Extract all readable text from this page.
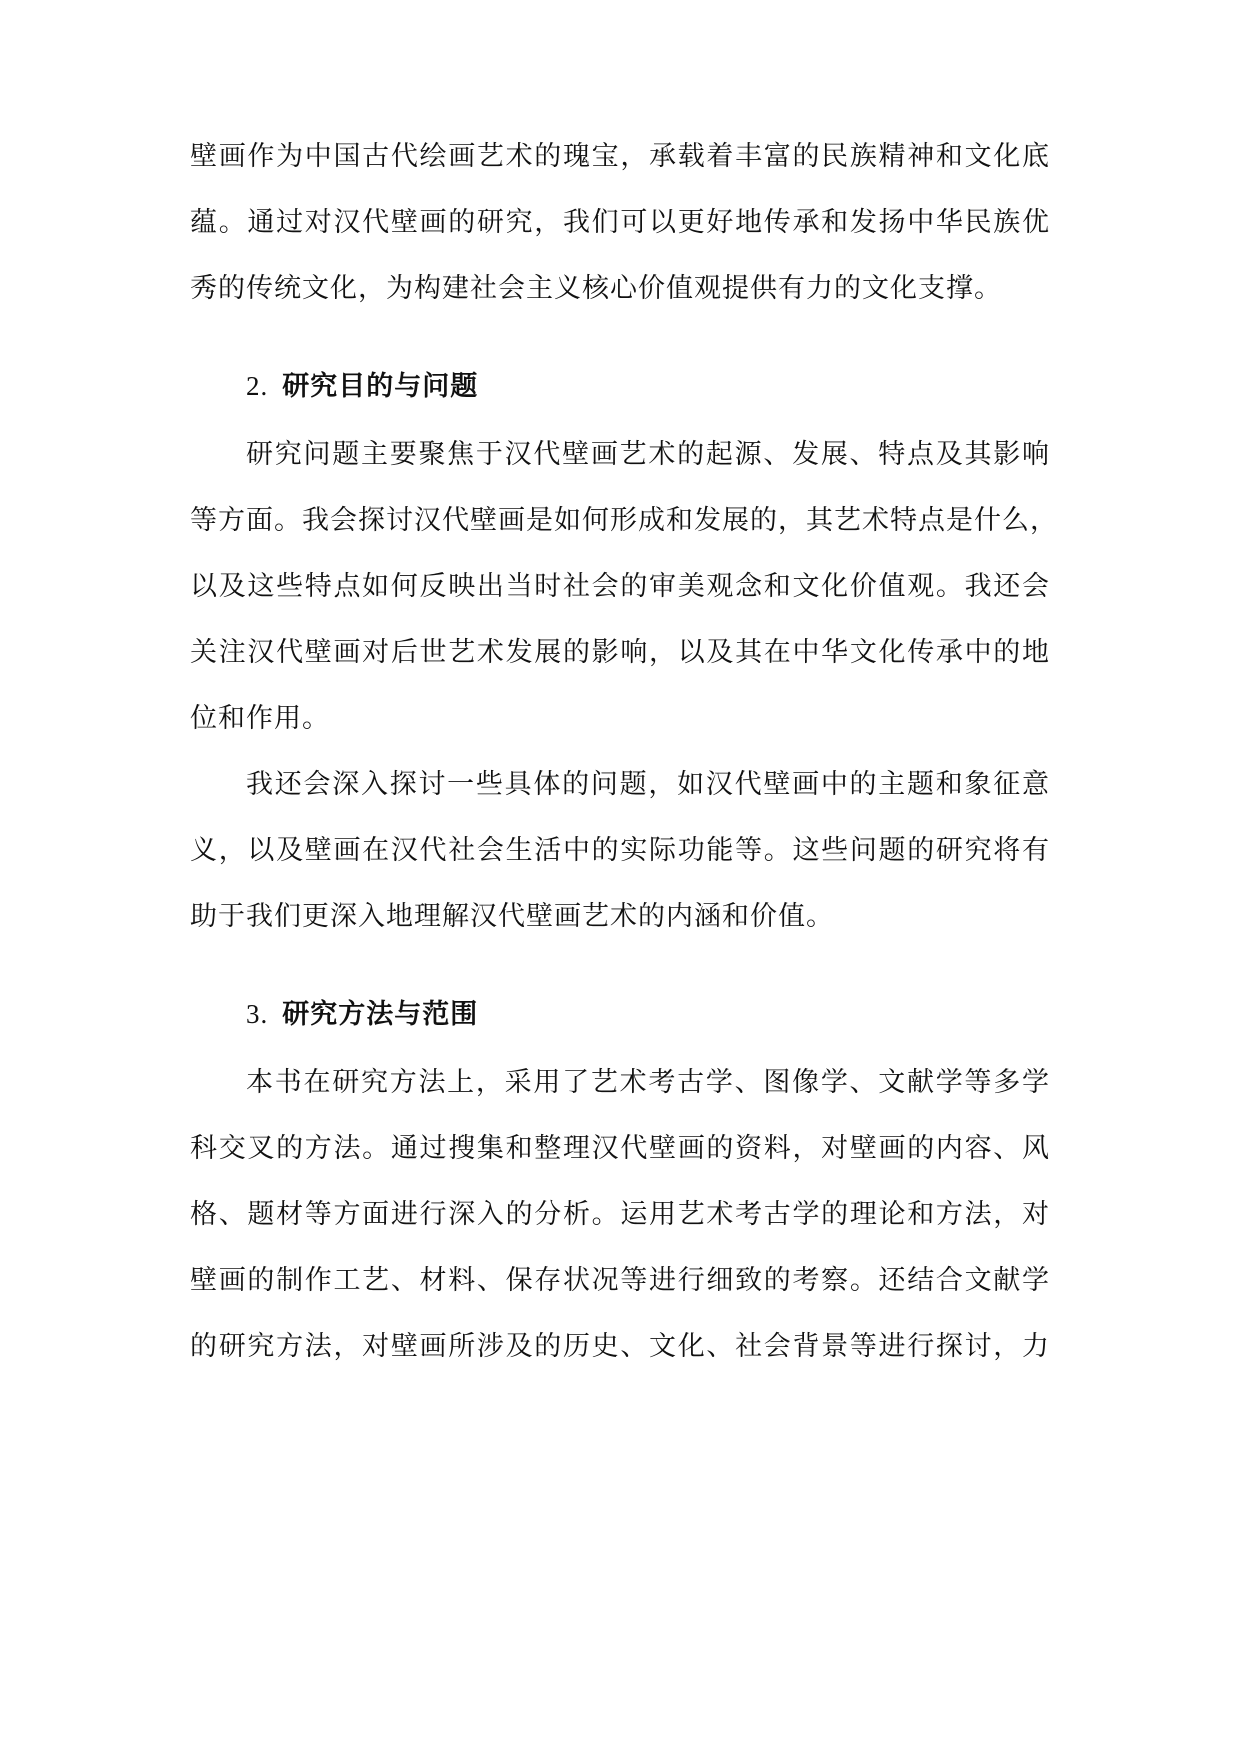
壁画作为中国古代绘画艺术的瑰宝，承载着丰富的民族精神和文化底
蕴。通过对汉代壁画的研究，我们可以更好地传承和发扬中华民族优
秀的传统文化，为构建社会主义核心价值观提供有力的文化支撑。
2. 研究目的与问题
研究问题主要聚焦于汉代壁画艺术的起源、发展、特点及其影响
等方面。我会探讨汉代壁画是如何形成和发展的，其艺术特点是什么，
以及这些特点如何反映出当时社会的审美观念和文化价值观。我还会
关注汉代壁画对后世艺术发展的影响，以及其在中华文化传承中的地
位和作用。
我还会深入探讨一些具体的问题，如汉代壁画中的主题和象征意
义，以及壁画在汉代社会生活中的实际功能等。这些问题的研究将有
助于我们更深入地理解汉代壁画艺术的内涵和价值。
3. 研究方法与范围
本书在研究方法上，采用了艺术考古学、图像学、文献学等多学
科交叉的方法。通过搜集和整理汉代壁画的资料，对壁画的内容、风
格、题材等方面进行深入的分析。运用艺术考古学的理论和方法，对
壁画的制作工艺、材料、保存状况等进行细致的考察。还结合文献学
的研究方法，对壁画所涉及的历史、文化、社会背景等进行探讨，力
